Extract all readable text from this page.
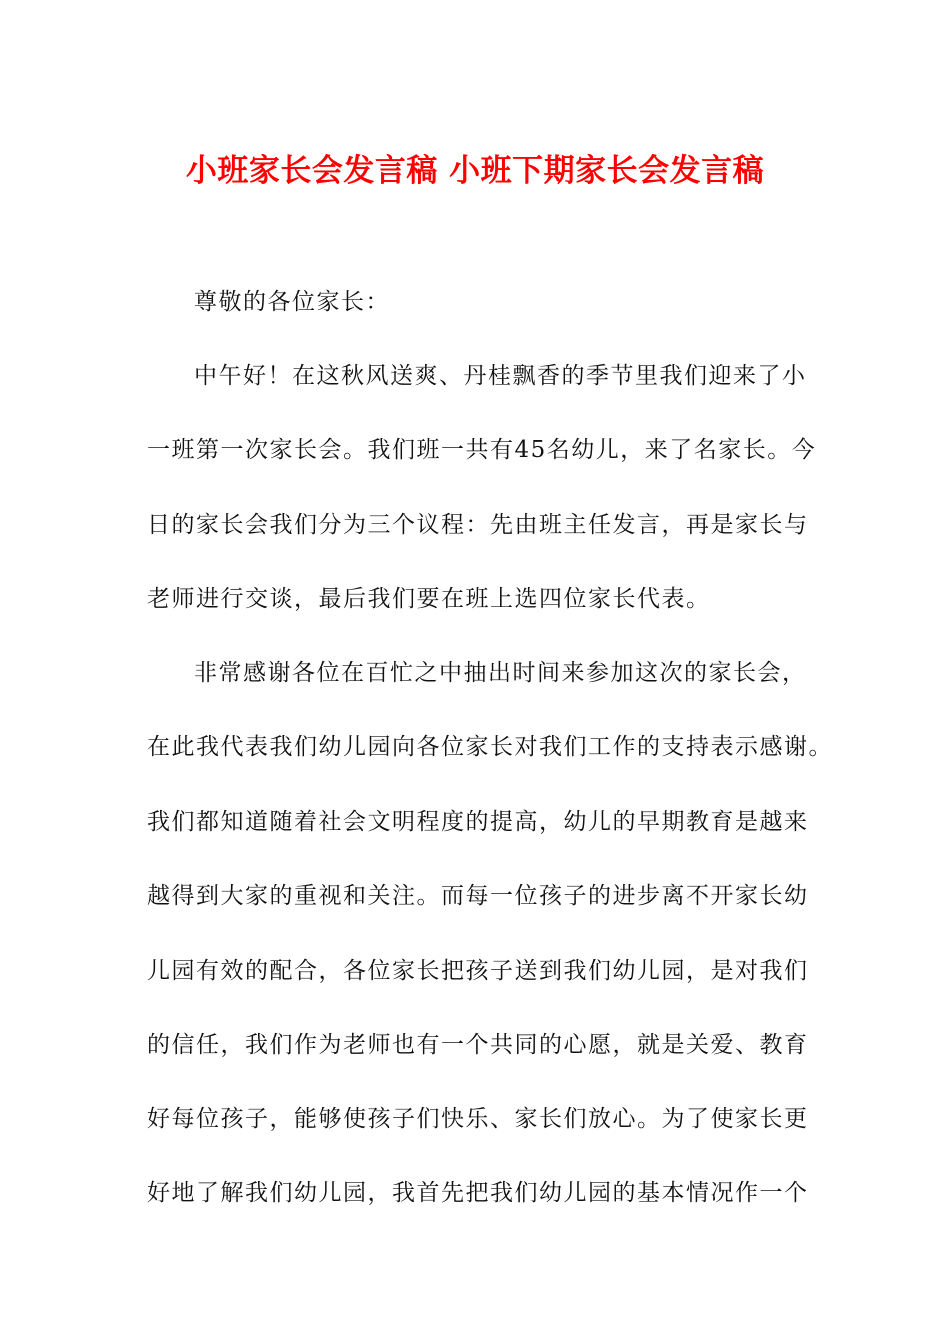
小班家长会发言稿 小班下期家长会发言稿
尊敬的各位家长：
中午好！在这秋风送爽、丹桂飘香的季节里我们迎来了小
一班第一次家长会。我们班一共有45名幼儿，来了名家长。今
日的家长会我们分为三个议程：先由班主任发言，再是家长与
老师进行交谈，最后我们要在班上选四位家长代表。
非常感谢各位在百忙之中抽出时间来参加这次的家长会，
在此我代表我们幼儿园向各位家长对我们工作的支持表示感谢。
我们都知道随着社会文明程度的提高，幼儿的早期教育是越来
越得到大家的重视和关注。而每一位孩子的进步离不开家长幼
儿园有效的配合，各位家长把孩子送到我们幼儿园，是对我们
的信任，我们作为老师也有一个共同的心愿，就是关爱、教育
好每位孩子，能够使孩子们快乐、家长们放心。为了使家长更
好地了解我们幼儿园，我首先把我们幼儿园的基本情况作一个
